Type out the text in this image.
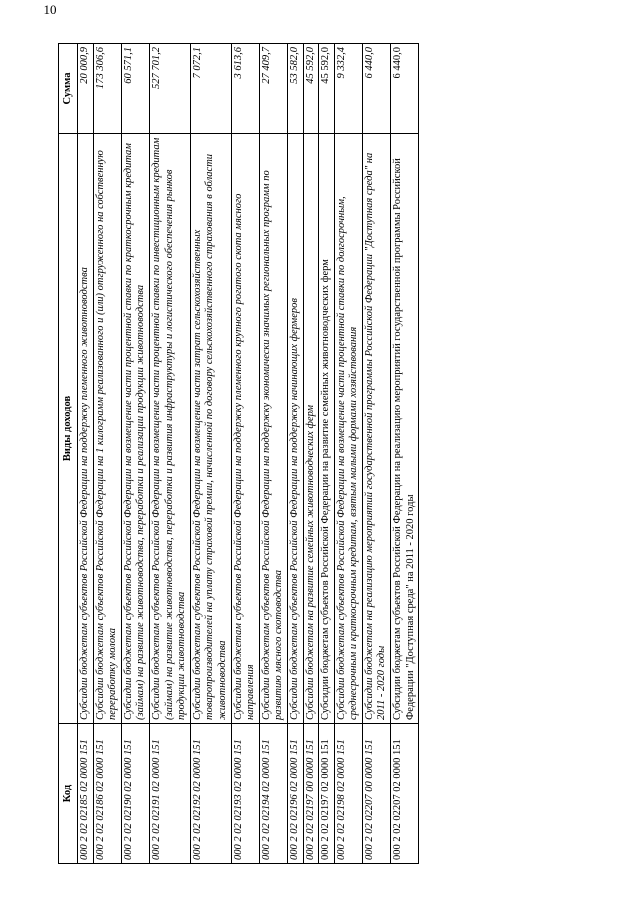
10
Код	Виды доходов	Сумма
000 2 02 02185 02 0000 151	Субсидии бюджетам субъектов Российской Федерации на поддержку племенного животноводства	20 000,9
000 2 02 02186 02 0000 151	Субсидии бюджетам субъектов Российской Федерации на 1 килограмм реализованного и (или) отгруженного на собственную переработку молока	173 306,6
000 2 02 02190 02 0000 151	Субсидии бюджетам субъектов Российской Федерации на возмещение части процентной ставки по краткосрочным кредитам (займам) на развитие животноводства, переработки и реализации продукции животноводства	60 571,1
000 2 02 02191 02 0000 151	Субсидии бюджетам субъектов Российской Федерации на возмещение части процентной ставки по инвестиционным кредитам (займам) на развитие животноводства, переработки и развития инфраструктуры и логистического обеспечения рынков продукции животноводства	527 701,2
000 2 02 02192 02 0000 151	Субсидии бюджетам субъектов Российской Федерации на возмещение части затрат сельскохозяйственных товаропроизводителей на уплату страховой премии, начисленной по договору сельскохозяйственного страхования в области животноводства	7 072,1
000 2 02 02193 02 0000 151	Субсидии бюджетам субъектов Российской Федерации на поддержку племенного крупного рогатого скота мясного направления	3 613,6
000 2 02 02194 02 0000 151	Субсидии бюджетам субъектов Российской Федерации на поддержку экономически значимых региональных программ по развитию мясного скотоводства	27 409,7
000 2 02 02196 02 0000 151	Субсидии бюджетам субъектов Российской Федерации на поддержку начинающих фермеров	53 582,0
000 2 02 02197 00 0000 151	Субсидии бюджетам на развитие семейных животноводческих ферм	45 592,0
000 2 02 02197 02 0000 151	Субсидии бюджетам субъектов Российской Федерации на развитие семейных животноводческих ферм	45 592,0
000 2 02 02198 02 0000 151	Субсидии бюджетам субъектов Российской Федерации на возмещение части процентной ставки по долгосрочным, среднесрочным и краткосрочным кредитам, взятым малыми формами хозяйствования	9 332,4
000 2 02 02207 00 0000 151	Субсидии бюджетам на реализацию мероприятий государственной программы Российской Федерации "Доступная среда" на 2011 - 2020 годы	6 440,0
000 2 02 02207 02 0000 151	Субсидии бюджетам субъектов Российской Федерации на реализацию мероприятий государственной программы Российской Федерации "Доступная среда" на 2011 - 2020 годы	6 440,0
